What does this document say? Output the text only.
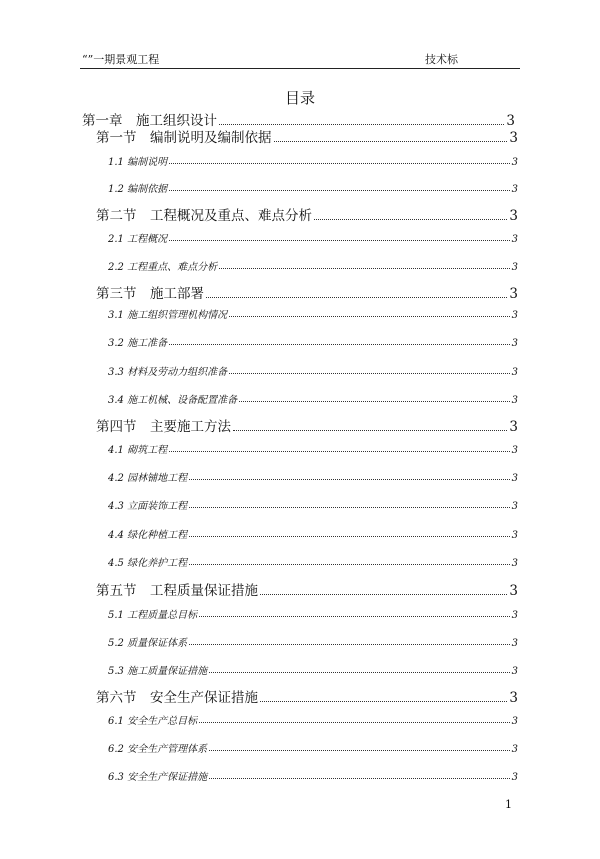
“”一期景观工程	技术标
目录
第一章　施工组织设计	3
第一节　编制说明及编制依据	3
1.1 编制说明	3
1.2 编制依据	3
第二节　工程概况及重点、难点分析	3
2.1 工程概况	3
2.2 工程重点、难点分析	3
第三节　施工部署	3
3.1 施工组织管理机构情况	3
3.2 施工准备	3
3.3 材料及劳动力组织准备	3
3.4 施工机械、设备配置准备	3
第四节　主要施工方法	3
4.1 砌筑工程	3
4.2 园林铺地工程	3
4.3 立面装饰工程	3
4.4 绿化种植工程	3
4.5 绿化养护工程	3
第五节　工程质量保证措施	3
5.1 工程质量总目标	3
5.2 质量保证体系	3
5.3 施工质量保证措施	3
第六节　安全生产保证措施	3
6.1 安全生产总目标	3
6.2 安全生产管理体系	3
6.3 安全生产保证措施	3
1
